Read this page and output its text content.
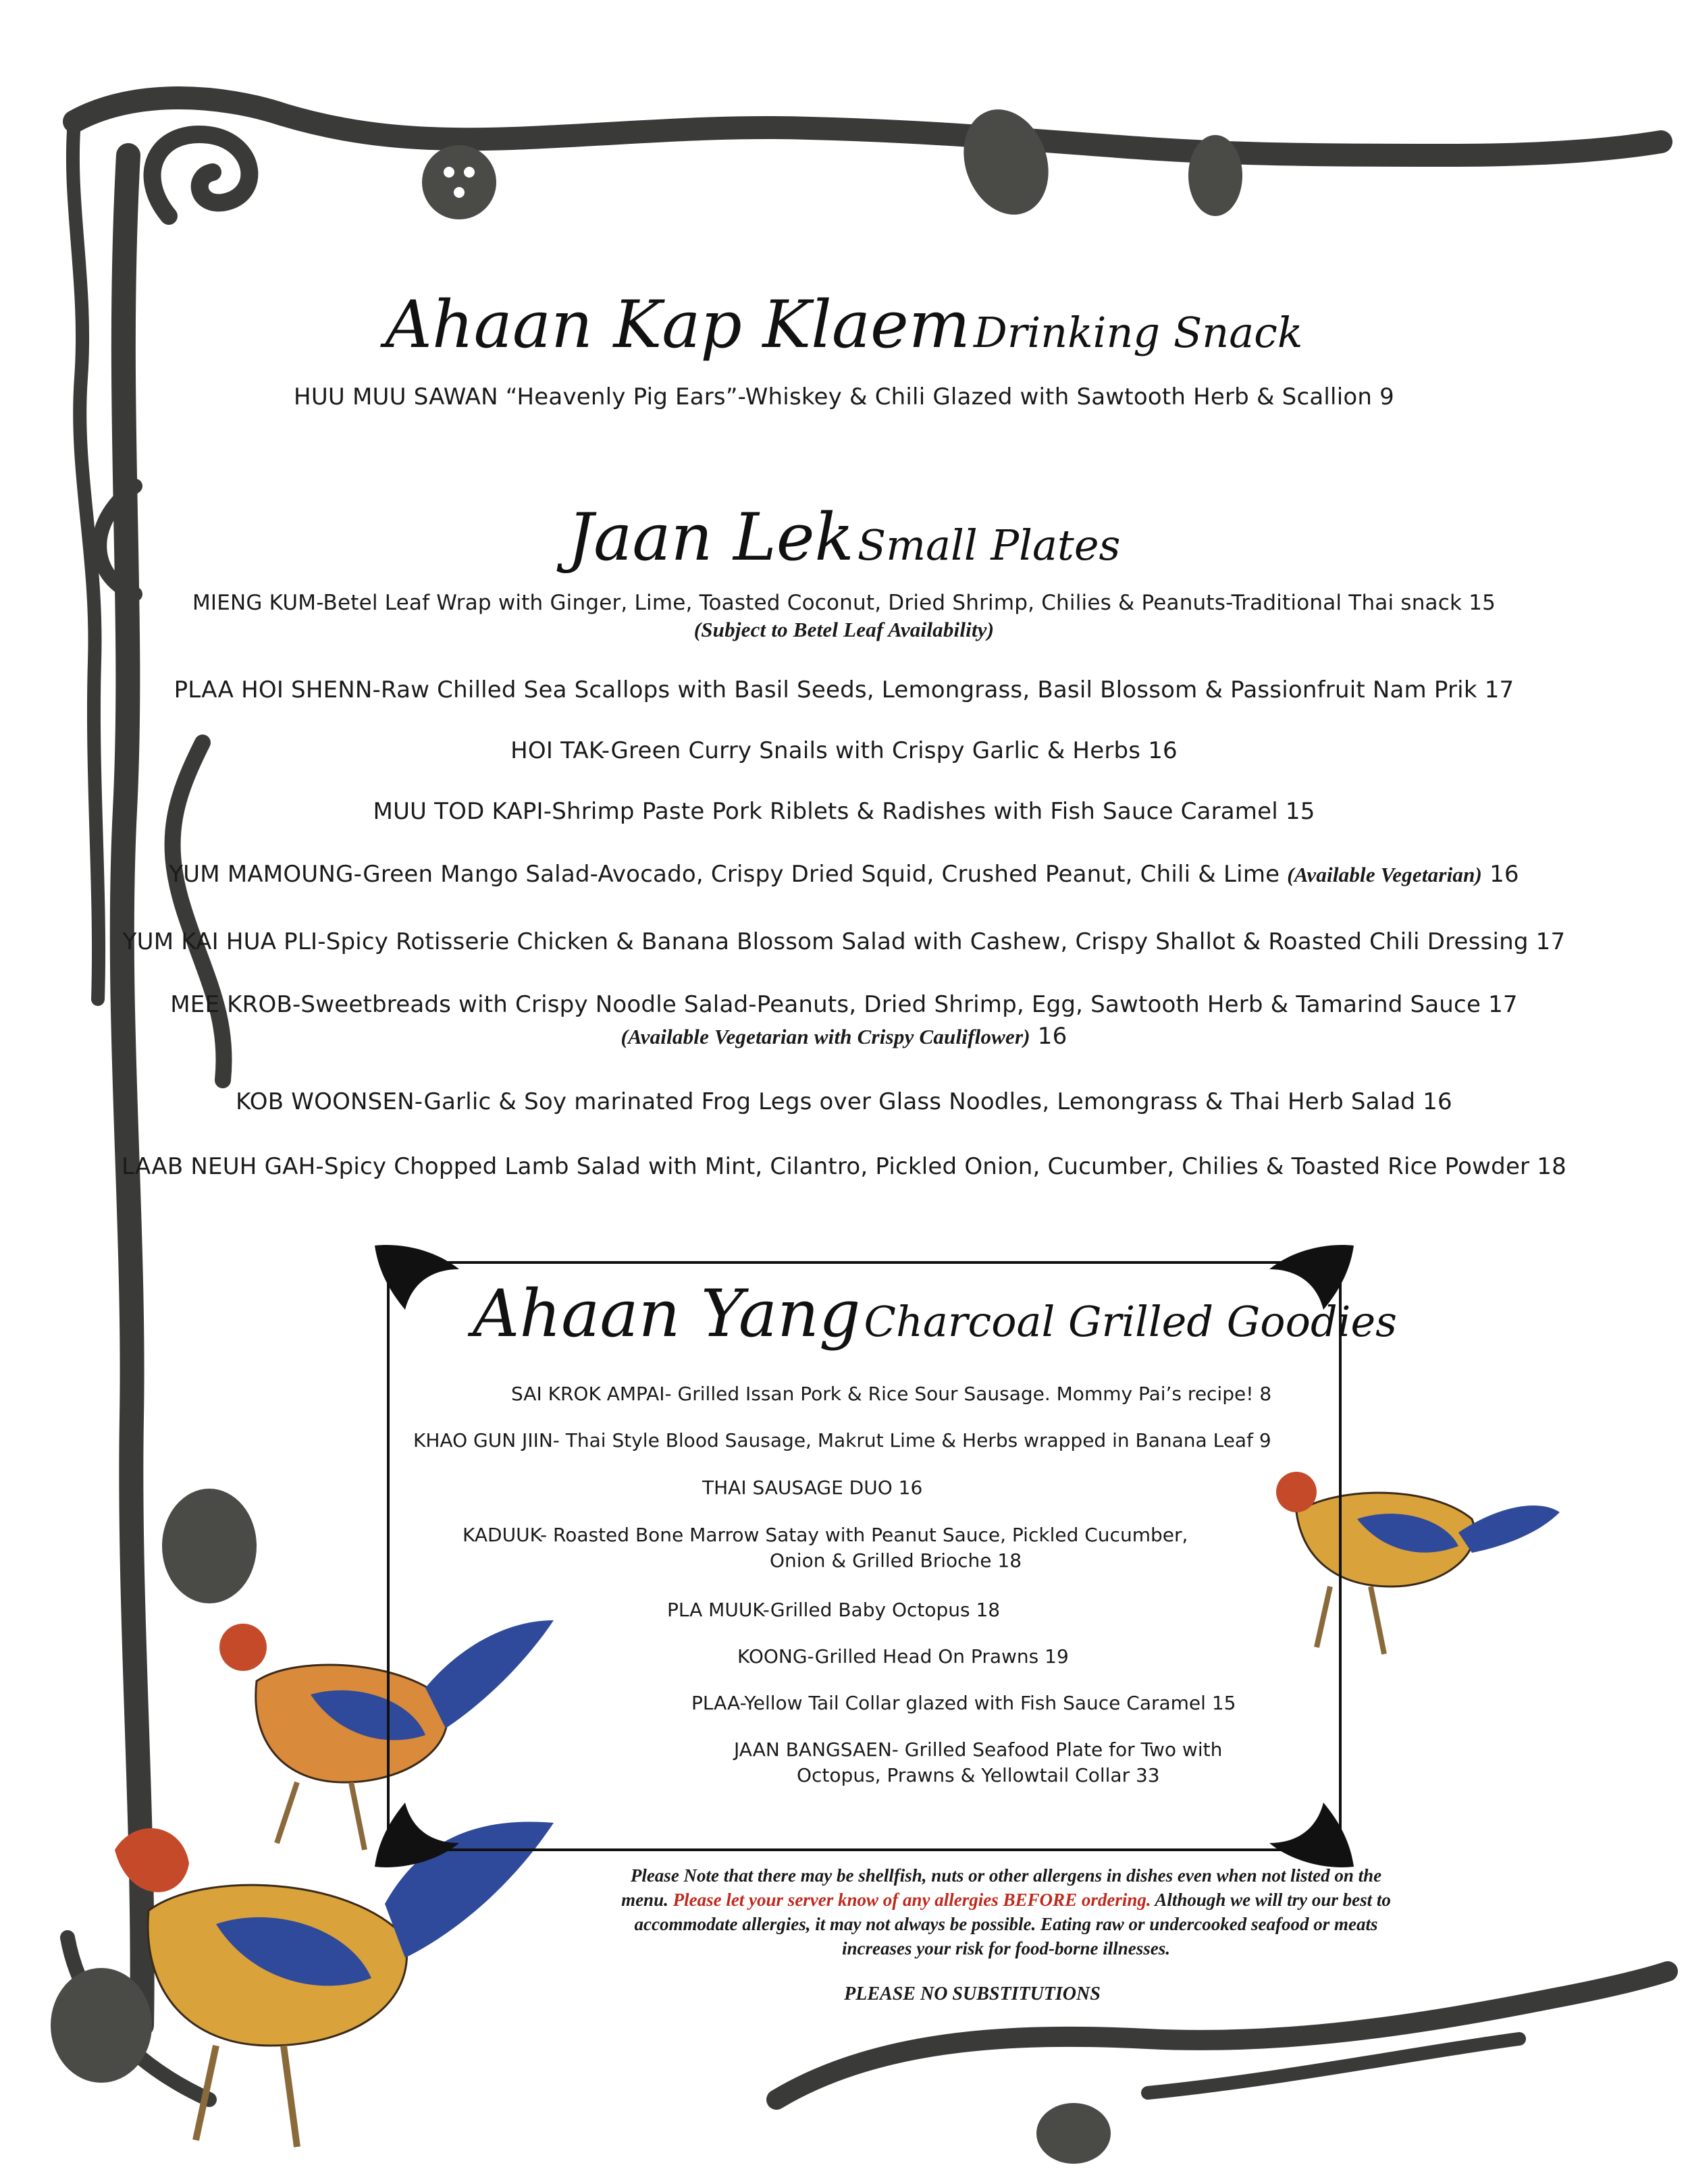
Ahaan Kap Klaem Drinking Snack
HUU MUU SAWAN “Heavenly Pig Ears”-Whiskey & Chili Glazed with Sawtooth Herb & Scallion 9
Jaan Lek Small Plates
MIENG KUM-Betel Leaf Wrap with Ginger, Lime, Toasted Coconut, Dried Shrimp, Chilies & Peanuts-Traditional Thai snack 15
(Subject to Betel Leaf Availability)
PLAA HOI SHENN-Raw Chilled Sea Scallops with Basil Seeds, Lemongrass, Basil Blossom & Passionfruit Nam Prik 17
HOI TAK-Green Curry Snails with Crispy Garlic & Herbs 16
MUU TOD KAPI-Shrimp Paste Pork Riblets & Radishes with Fish Sauce Caramel 15
YUM MAMOUNG-Green Mango Salad-Avocado, Crispy Dried Squid, Crushed Peanut, Chili & Lime (Available Vegetarian) 16
YUM KAI HUA PLI-Spicy Rotisserie Chicken & Banana Blossom Salad with Cashew, Crispy Shallot & Roasted Chili Dressing 17
MEE KROB-Sweetbreads with Crispy Noodle Salad-Peanuts, Dried Shrimp, Egg, Sawtooth Herb & Tamarind Sauce 17
(Available Vegetarian with Crispy Cauliflower) 16
KOB WOONSEN-Garlic & Soy marinated Frog Legs over Glass Noodles, Lemongrass & Thai Herb Salad 16
LAAB NEUH GAH-Spicy Chopped Lamb Salad with Mint, Cilantro, Pickled Onion, Cucumber, Chilies & Toasted Rice Powder 18
Ahaan Yang Charcoal Grilled Goodies
SAI KROK AMPAI- Grilled Issan Pork & Rice Sour Sausage. Mommy Pai’s recipe! 8
KHAO GUN JIIN- Thai Style Blood Sausage, Makrut Lime & Herbs wrapped in Banana Leaf 9
THAI SAUSAGE DUO 16
KADUUK- Roasted Bone Marrow Satay with Peanut Sauce, Pickled Cucumber,
Onion & Grilled Brioche 18
PLA MUUK-Grilled Baby Octopus 18
KOONG-Grilled Head On Prawns 19
PLAA-Yellow Tail Collar glazed with Fish Sauce Caramel 15
JAAN BANGSAEN- Grilled Seafood Plate for Two with
Octopus, Prawns & Yellowtail Collar 33
Please Note that there may be shellfish, nuts or other allergens in dishes even when not listed on the
menu. Please let your server know of any allergies BEFORE ordering. Although we will try our best to
accommodate allergies, it may not always be possible. Eating raw or undercooked seafood or meats
increases your risk for food-borne illnesses.
PLEASE NO SUBSTITUTIONS
